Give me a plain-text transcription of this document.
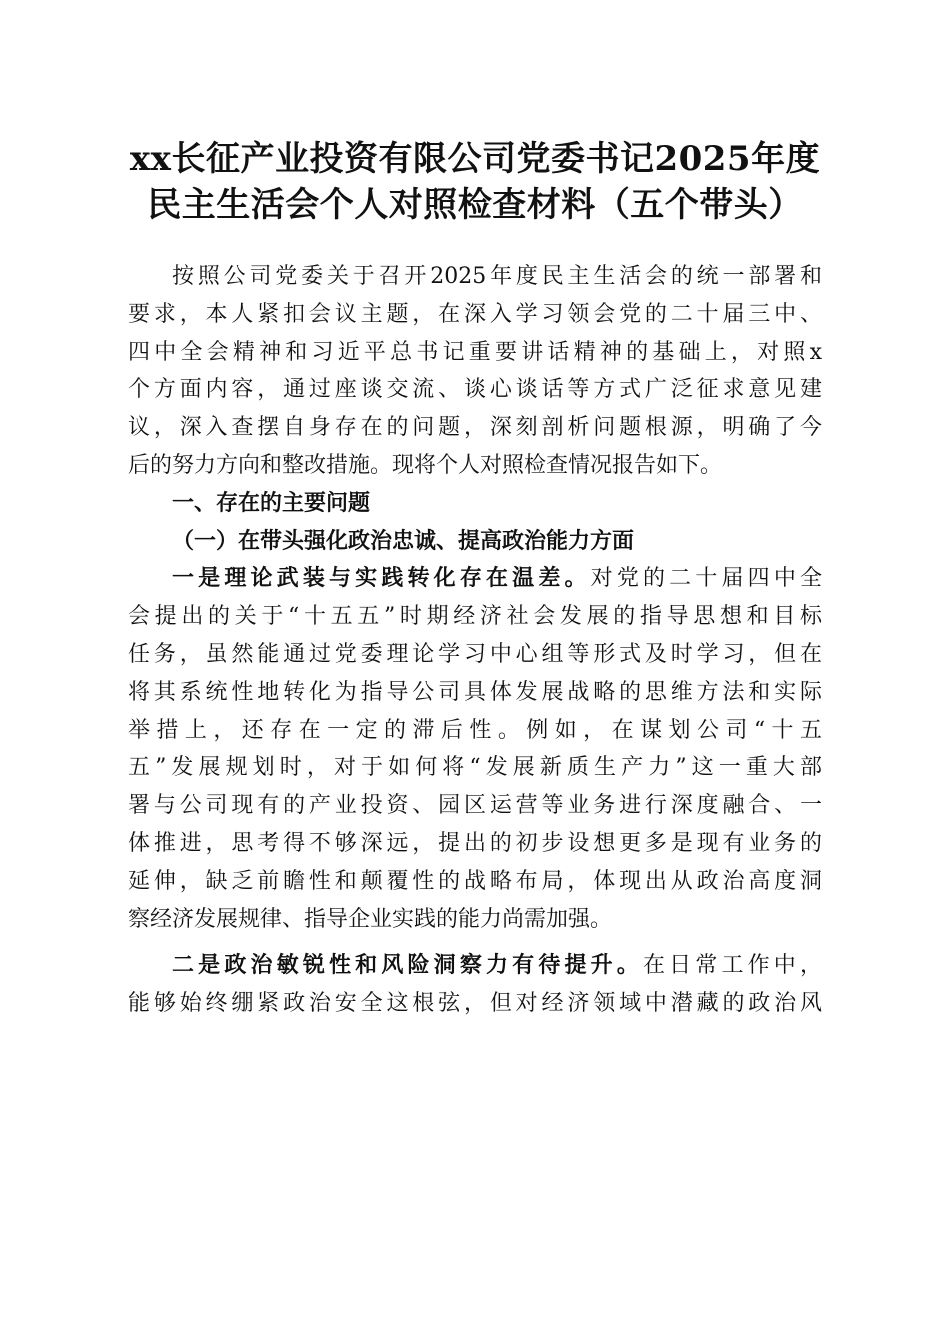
xx长征产业投资有限公司党委书记2025年度
民主生活会个人对照检查材料（五个带头）
按照公司党委关于召开2025年度民主生活会的统一部署和
要求，本人紧扣会议主题，在深入学习领会党的二十届三中、
四中全会精神和习近平总书记重要讲话精神的基础上，对照x
个方面内容，通过座谈交流、谈心谈话等方式广泛征求意见建
议，深入查摆自身存在的问题，深刻剖析问题根源，明确了今
后的努力方向和整改措施。现将个人对照检查情况报告如下。
一、存在的主要问题
（一）在带头强化政治忠诚、提高政治能力方面
一是理论武装与实践转化存在温差。对党的二十届四中全
会提出的关于“十五五”时期经济社会发展的指导思想和目标
任务，虽然能通过党委理论学习中心组等形式及时学习，但在
将其系统性地转化为指导公司具体发展战略的思维方法和实际
举措上，还存在一定的滞后性。例如，在谋划公司“十五
五”发展规划时，对于如何将“发展新质生产力”这一重大部
署与公司现有的产业投资、园区运营等业务进行深度融合、一
体推进，思考得不够深远，提出的初步设想更多是现有业务的
延伸，缺乏前瞻性和颠覆性的战略布局，体现出从政治高度洞
察经济发展规律、指导企业实践的能力尚需加强。
二是政治敏锐性和风险洞察力有待提升。在日常工作中，
能够始终绷紧政治安全这根弦，但对经济领域中潜藏的政治风
